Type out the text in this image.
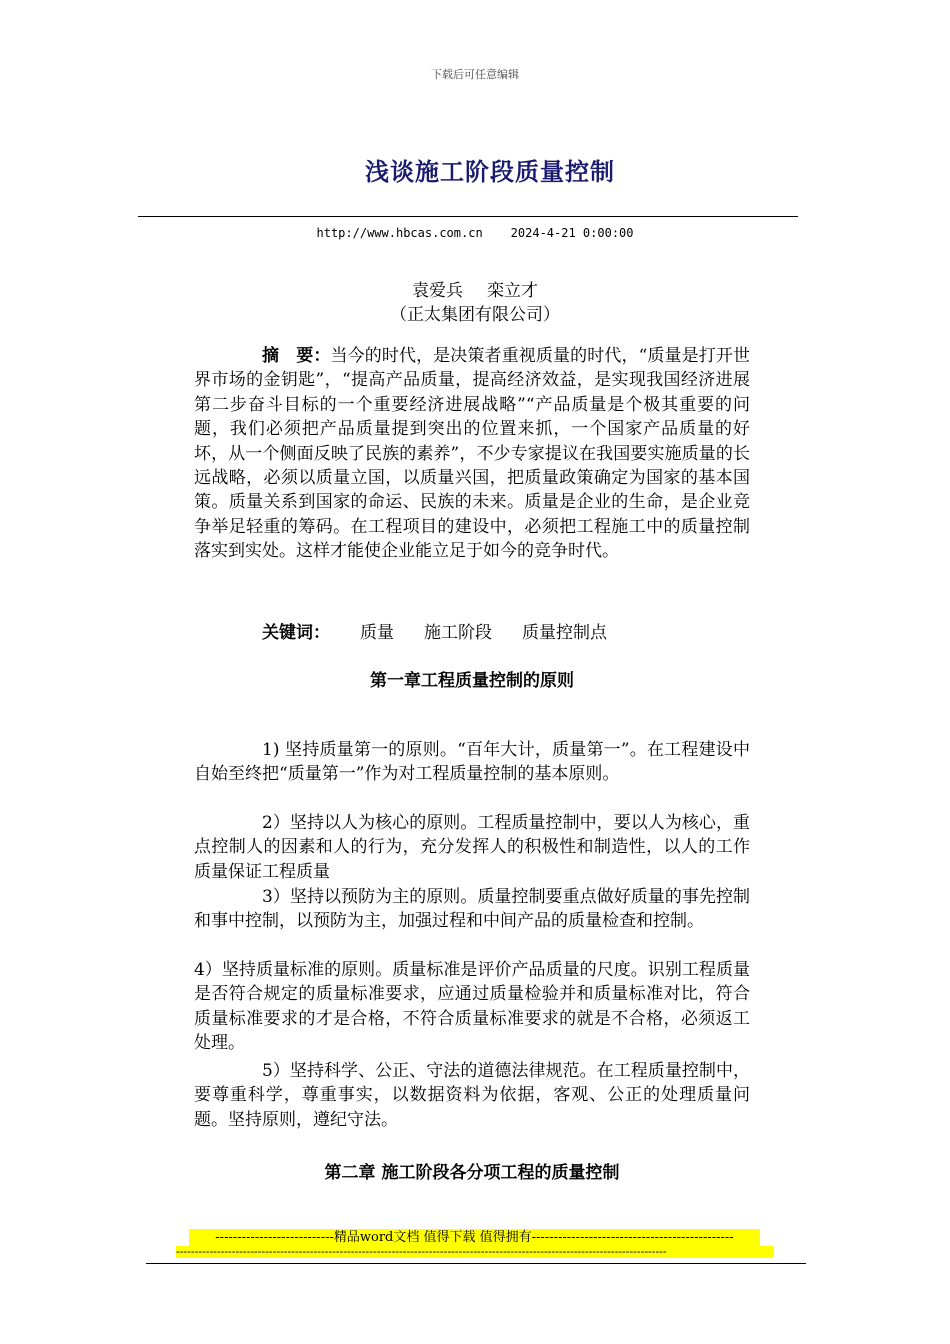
下载后可任意编辑
浅谈施工阶段质量控制
http://www.hbcas.com.cn 2024-4-21 0:00:00
袁爱兵 栾立才
（正太集团有限公司）
摘　要：当今的时代，是决策者重视质量的时代，“质量是打开世界市场的金钥匙”，“提高产品质量，提高经济效益，是实现我国经济进展第二步奋斗目标的一个重要经济进展战略”“产品质量是个极其重要的问题，我们必须把产品质量提到突出的位置来抓，一个国家产品质量的好坏，从一个侧面反映了民族的素养”，不少专家提议在我国要实施质量的长远战略，必须以质量立国，以质量兴国，把质量政策确定为国家的基本国策。质量关系到国家的命运、民族的未来。质量是企业的生命，是企业竞争举足轻重的筹码。在工程项目的建设中，必须把工程施工中的质量控制落实到实处。这样才能使企业能立足于如今的竞争时代。
关键词： 质量 施工阶段 质量控制点
第一章工程质量控制的原则
1) 坚持质量第一的原则。“百年大计，质量第一”。在工程建设中自始至终把“质量第一”作为对工程质量控制的基本原则。
2）坚持以人为核心的原则。工程质量控制中，要以人为核心，重点控制人的因素和人的行为，充分发挥人的积极性和制造性，以人的工作质量保证工程质量
3）坚持以预防为主的原则。质量控制要重点做好质量的事先控制和事中控制，以预防为主，加强过程和中间产品的质量检查和控制。
4）坚持质量标准的原则。质量标准是评价产品质量的尺度。识别工程质量是否符合规定的质量标准要求，应通过质量检验并和质量标准对比，符合质量标准要求的才是合格，不符合质量标准要求的就是不合格，必须返工处理。
5）坚持科学、公正、守法的道德法律规范。在工程质量控制中，要尊重科学，尊重事实，以数据资料为依据，客观、公正的处理质量问题。坚持原则，遵纪守法。
第二章 施工阶段各分项工程的质量控制
---------------------------精品word文档 值得下载 值得拥有----------------------------------------------
------------------------------------------------------------------------------------------------------------------------------------
